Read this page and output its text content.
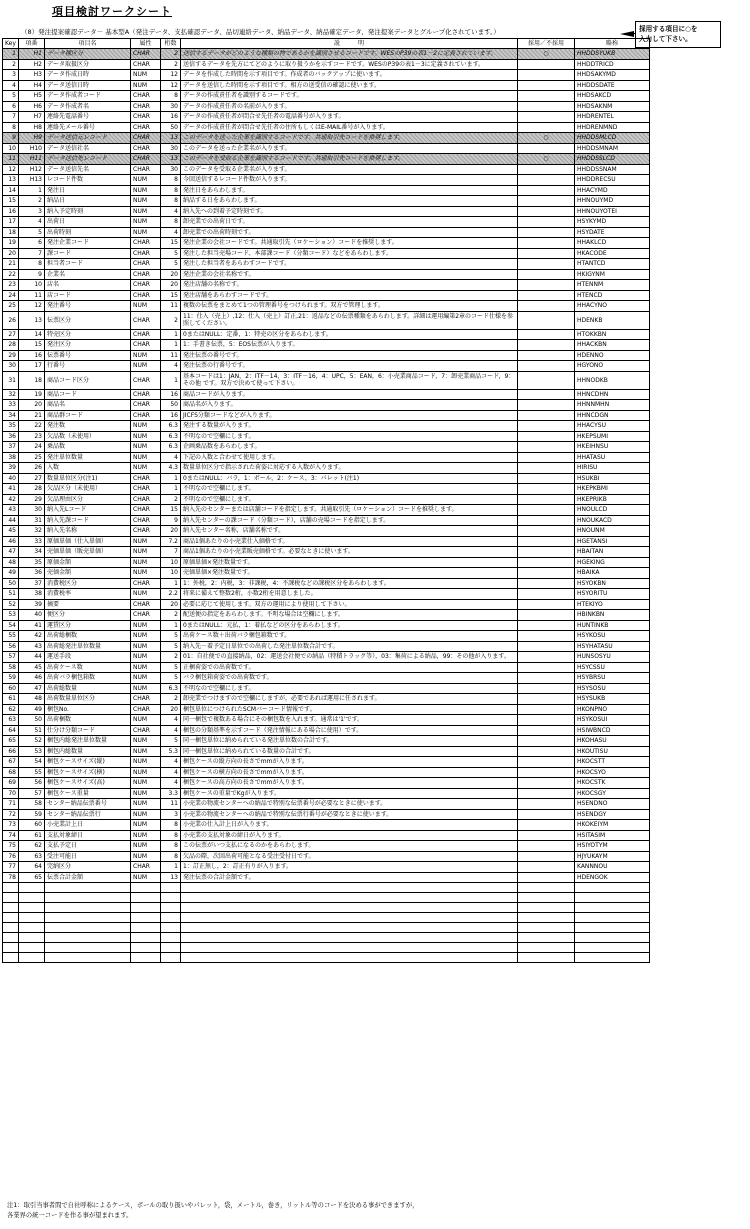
項目検討ワークシート
（8）発注提案確認データ－ 基本型A（発注データ、支払確認データ、品切連絡データ、納品データ、納品確定データ、発注提案データとグループ化されています。）	採用する項目に○を
入力して下さい。
Key	項番	項目名	属性	桁数	説　　　明	採用／不採用	略称
1	H1	データ種区分	CHAR	2	送信するデータがどのような種類の物であるかを識別させるコードです。WESのP39の表1－2に定義されています。	○	HHDDSYUKB
2	H2	データ取扱区分	CHAR	2	送信するデータを先方にてどのように取り扱うかを示すコードです。WESのP39の表1－3に定義されています。		HHDDTRICD
3	H3	データ作成日時	NUM	12	データを作成した時間を示す項目です。作成者のバックアップに使います。		HHDSAKYMD
4	H4	データ送信日時	NUM	12	データを送信した時間を示す項目です。相方の送受信の確認に使います。		HHDDSDATE
5	H5	データ作成者コード	CHAR	8	データの作成責任者を識別するコードです。		HHDSAKCD
6	H6	データ作成者名	CHAR	30	データの作成責任者の名前が入ります。		HHDSAKNM
7	H7	連絡先電話番号	CHAR	16	データの作成責任者が問合せ先任者の電話番号が入ります。		HHDRENTEL
8	H8	連絡先メール番号	CHAR	50	データの作成責任者が問合せ先任者の住所もしくはE-MAIL番号が入ります。		HHDRENMND
9	H9	データ送信元レコード	CHAR	13	このデータを送った企業を識別するコードです。共通取引先コードを推奨します。	○	HHDDSMLCD
10	H10	データ送信社名	CHAR	30	このデータを送った企業名が入ります。		HHDDSMNAM
11	H11	データ送信先レコード	CHAR	13	このデータを受取る企業を識別するコードです。共通取引先コードを推奨します。	○	HHDDSSLCD
12	H12	データ送信先名	CHAR	30	このデータを受取る企業名が入ります。		HHDDSSNAM
13	H13	レコード件数	NUM	8	今回送信するレコード件数が入ります。		HHDDRECSU
14	1	発注日	NUM	8	発注日をあらわします。		HHACYMD
15	2	納品日	NUM	8	納品する日をあらわします。		HHNOUYMD
16	3	納入予定時刻	NUM	4	納入先への到着予定時刻です。		HHNOUYOTEI
17	4	出荷日	NUM	8	卸売業での出荷日です。		HSYKYMD
18	5	出荷時刻	NUM	4	卸売業での出荷時刻です。		HSYDATE
19	6	発注企業コード	CHAR	15	発注企業の会社コードです。共通取引先（ロケーション）コードを推奨します。		HHAKLCD
20	7	課コード	CHAR	5	発注した担当売場コード、本部課コード（分類コード）などをあらわします。		HKACODE
21	8	担当者コード	CHAR	5	発注した担当者をあらわすコードです。		HTANTCD
22	9	企業名	CHAR	20	発注企業の会社名称です。		HKIGYNM
23	10	店名	CHAR	20	発注店舗の名称です。		HTENNM
24	11	店コード	CHAR	15	発注店舗をあらわすコードです。		HTENCD
25	12	発注番号	NUM	11	複数の伝票をまとめて1つの管理番号をつけられます。双方で管理します。		HHACYNO
26	13	伝票区分	CHAR	2	11：仕入（売上）,12：仕入（売上）訂正,21：返品などの伝票種類をあらわします。詳細は運用編第2章のコード仕様を参照してください。		HDENKB
27	14	特売区分	CHAR	1	0またはNULL：定番，1：特売の区分をあらわします。		HTOKKBN
28	15	発注区分	CHAR	1	1：手書き伝票，5：EOS伝票が入ります。		HHACKBN
29	16	伝票番号	NUM	11	発注伝票の番号です。		HDENNO
30	17	行番号	NUM	4	発注伝票の行番号です。		HGYONO
31	18	商品コード区分	CHAR	1	基本コードは1：JAN，2：ITF－14，3：ITF－16，4：UPC，5：EAN，6：小売業商品コード，7：卸売業商品コード，9：その他 です。双方で決めて使って下さい。		HHNODKB
32	19	商品コード	CHAR	16	商品コードが入ります。		HHNCDHN
33	20	商品名	CHAR	50	商品名が入ります。		HHNNMHN
34	21	商品群コード	CHAR	16	JICFS分類コードなどが入ります。		HHNCDGN
35	22	発注数	NUM	6.3	発注する数量が入ります。		HHACYSU
36	23	欠品数（未使用）	NUM	6.3	不明なので空欄にします。		HKEPSUMI
37	24	乗品数	NUM	6.3	企画乗品数をあらわします。		HKEIHNSU
38	25	発注単位数量	NUM	4	下記の入数と合わせて使用します。		HHATASU
39	26	入数	NUM	4.3	数量単位区分で指示された荷姿に対応する入数が入ります。		HIRISU
40	27	数量単位区分(注1)	CHAR	1	0またはNULL：バラ，1：ボール，2：ケース，3：パレット(注1)		HSUKBI
41	28	欠品区分（未使用）	CHAR	1	不明なので空欄にします。		HKEPKBMI
42	29	欠品理由区分	CHAR	2	不明なので空欄にします。		HKEPRIKB
43	30	納入先Lコード	CHAR	15	納入先のセンターまたは店舗コードを指定します。共通取引先（ロケーション）コードを推奨します。		HNOULCD
44	31	納入先課コード	CHAR	9	納入先センターの課コード（分類コード），店舗の売場コードを指定します。		HNOUKACD
45	32	納入先名称	CHAR	20	納入先センター名称，店舗名称です。		HNOUNM
46	33	原価単価（仕入単価）	NUM	7.2	商品1個あたりの小売業仕入価格です。		HGETANSI
47	34	売価単価（販売単価）	NUM	7	商品1個あたりの小売業販売価格です。必要なときに使います。		HBAITAN
48	35	原価金額	NUM	10	原価単価×発注数量です。		HGEKING
49	36	売価金額	NUM	10	売価単価×発注数量です。		HBAIKA
50	37	消費税区分	CHAR	1	1：外税，2：内税，3：非課税，4：不課税などの課税区分をあらわします。		HSYOKBN
51	38	消費税率	NUM	2.2	将来に備えて整数2桁，小数2桁を用意しました。		HSYORITU
52	39	摘要	CHAR	20	必要に応じて使用します。双方の運用により使用して下さい。		HTEKIYO
53	40	便区分	CHAR	2	配送便の指定をあらわします。不明な場合は空欄にします。		HBINKBN
54	41	運賃区分	NUM	1	0またはNULL：元払，1：着払などの区分をあらわします。		HUNTINKB
55	42	出荷総梱数	NUM	5	出荷ケース数＋出荷バラ梱包箱数です。		HSYKOSU
56	43	出荷総発注単位数量	NUM	5	納入先－着予定日単位での出荷した発注単位数合計です。		HSYHATASU
57	44	運送手段	NUM	2	01：自社便での直接納品，02：運送会社便での納品（特積トラック等），03：集荷による納品，99：その他が入ります。		HUNSOSYU
58	45	出荷ケース数	NUM	5	正梱荷姿での出荷数です。		HSYCSSU
59	46	出荷バラ梱包箱数	NUM	5	バラ梱包箱荷姿での出荷数です。		HSYBRSU
60	47	出荷総数量	NUM	6.3	不明なので空欄にします。		HSYSOSU
61	48	出荷数量単位区分	CHAR	2	卸売業でつけますので空欄にしますが，必要であれば運用に任されます。		HSYSUKB
62	49	梱包No.	CHAR	20	梱包単位につけられたSCMバーコード情報です。		HKONPNO
63	50	出荷梱数	NUM	4	同一梱包で複数ある場合にその梱包数を入れます。通常は'1'です。		HSYKOSUI
64	51	仕分け分類コード	CHAR	4	梱包の分類基準を示すコード（発注情報にある場合に使用）です。		HSIWBNCD
65	52	梱包内総発注単位数量	NUM	5	同一梱包単位に納められている発注単位数の合計です。		HKOHASU
66	53	梱包内総数量	NUM	5.3	同一梱包単位に納められている数量の合計です。		HKOUTISU
67	54	梱包ケースサイズ(縦)	NUM	4	梱包ケースの縦方向の長さでmmが入ります。		HKOCSTT
68	55	梱包ケースサイズ(横)	NUM	4	梱包ケースの横方向の長さでmmが入ります。		HKOCSYO
69	56	梱包ケースサイズ(高)	NUM	4	梱包ケースの高方向の長さでmmが入ります。		HKOCSTK
70	57	梱包ケース重量	NUM	3.3	梱包ケースの重量でKgが入ります。		HKOCSGY
71	58	センター納品伝票番号	NUM	11	小売業の物流センターへの納品で特別な伝票番号が必要なときに使います。		HSENDNO
72	59	センター納品伝票行	NUM	3	小売業の物流センターへの納品で特別な伝票行番号が必要なときに使います。		HSENDGY
73	60	小売業計上日	NUM	8	小売業の仕入計上日が入ります。		HKOKEIYM
74	61	支払対象締日	NUM	8	小売業の支払対象の締日が入ります。		HSITASIM
75	62	支払予定日	NUM	8	この伝票がいつ支払になるのかをあらわします。		HSIYOTYM
76	63	受注可能日	NUM	8	欠品の際，次回出荷可能となる受注受付日です。		HJYUKAYM
77	64	完納区分	CHAR	1	1：訂正無し，2：訂正有りが入ります。		KANNNOU
78	65	伝票合計金額	NUM	13	発注伝票の合計金額です。		HDENGOK

注1：取引当事者間で自社呼称によるケース，ボールの取り扱いやパレット，袋，メートル，巻き，リットル等のコードを決める事ができますが，
各業界の統一コードを作る事が望まれます。
